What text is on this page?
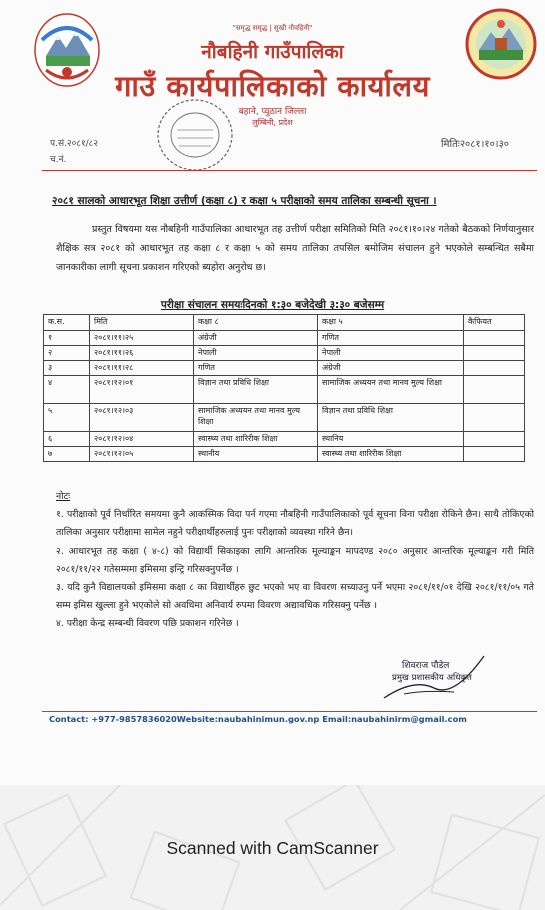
"समृद्ध समृद्ध | सुखी नौवहिनी"
नौबहिनी गाउँपालिका
गाउँ कार्यपालिकाको कार्यालय
बहाने, प्युठान जिल्ला
लुम्बिनी, प्रदेश
प.सं.२०८१/८२
च.नं.
मितिः२०८१।१०।३०
२०८१ सालको आधारभूत शिक्षा उत्तीर्ण (कक्षा ८) र कक्षा ५ परीक्षाको समय तालिका सम्बन्धी सूचना ।
प्रस्तुत विषयमा यस नौबहिनी गाउँपालिका आधारभूत तह उत्तीर्ण परीक्षा समितिको मिति २०८१।१०।२४ गतेको बैठकको निर्णयानुसार शैक्षिक सत्र २०८१ को आधारभूत तह कक्षा ८ र कक्षा ५ को समय तालिका तपसिल बमोजिम संचालन हुने भएकोले सम्बन्धित सबैमा जानकारीका लागी सूचना प्रकाशन गरिएको ब्यहोरा अनुरोध छ।
परीक्षा संचालन समयःदिनको १:३० बजेदेखी ३:३० बजेसम्म
क.स.	मिति	कक्षा ८	कक्षा ५	कैफियत
१	२०८१।११।२५	अंग्रेजी	गणित	
२	२०८१।११।२६	नेपाली	नेपाली	
३	२०८१।११।२८	गणित	अंग्रेजी	
४	२०८१।१२।०१	विज्ञान तथा प्रविधि शिक्षा	सामाजिक अध्ययन तथा मानव मुल्य शिक्षा	
५	२०८१।१२।०३	सामाजिक अध्ययन तथा मानव मुल्य शिक्षा	विज्ञान तथा प्रविधि शिक्षा	
६	२०८१।१२।०४	स्वास्थ्य तथा शारिरीक शिक्षा	स्थानिय	
७	२०८१।१२।०५	स्थानीय	स्वास्थ्य तथा शारिरीक शिक्षा	
नोटः
१. परीक्षाको पूर्व निर्धारित समयमा कुनै आकस्मिक विदा पर्न गएमा नौबहिनी गाउँपालिकाको पूर्व सूचना विना परीक्षा रोकिने छैन। साथै तोकिएको तालिका अनुसार परीक्षामा सामेल नहुने परीक्षार्थीहरुलाई पुनः परीक्षाको व्यवस्था गरिने छैन।
२. आधारभूत तह कक्षा ( ४-८) को विद्यार्थी सिकाइका लागि आन्तरिक मूल्याङ्कन मापदण्ड २०८० अनुसार आन्तरिक मूल्याङ्कन गरी मिति २०८१/११/२२ गतेसम्ममा इमिसमा इन्ट्रि गरिसक्नुपर्नेछ ।
३. यदि कुनै विद्यालयको इमिसमा कक्षा ८ का विद्यार्थीहरु छुट भएको भए वा विवरण सच्याउनु पर्ने भएमा २०८१/११/०१ देखि २०८१/११/०५ गते सम्म इमिस खुल्ला हुने भएकोले सो अवधिमा अनिवार्य रुपमा विवरण अद्यावधिक गरिसक्नु पर्नेछ ।
४. परीक्षा केन्द्र सम्बन्धी विवरण पछि प्रकाशन गरिनेछ ।
शिवराज पौडेल
प्रमुख प्रशासकीय अधिकृत
Contact: +977-9857836020Website:naubahinimun.gov.np Email:naubahinirm@gmail.com
Scanned with CamScanner
